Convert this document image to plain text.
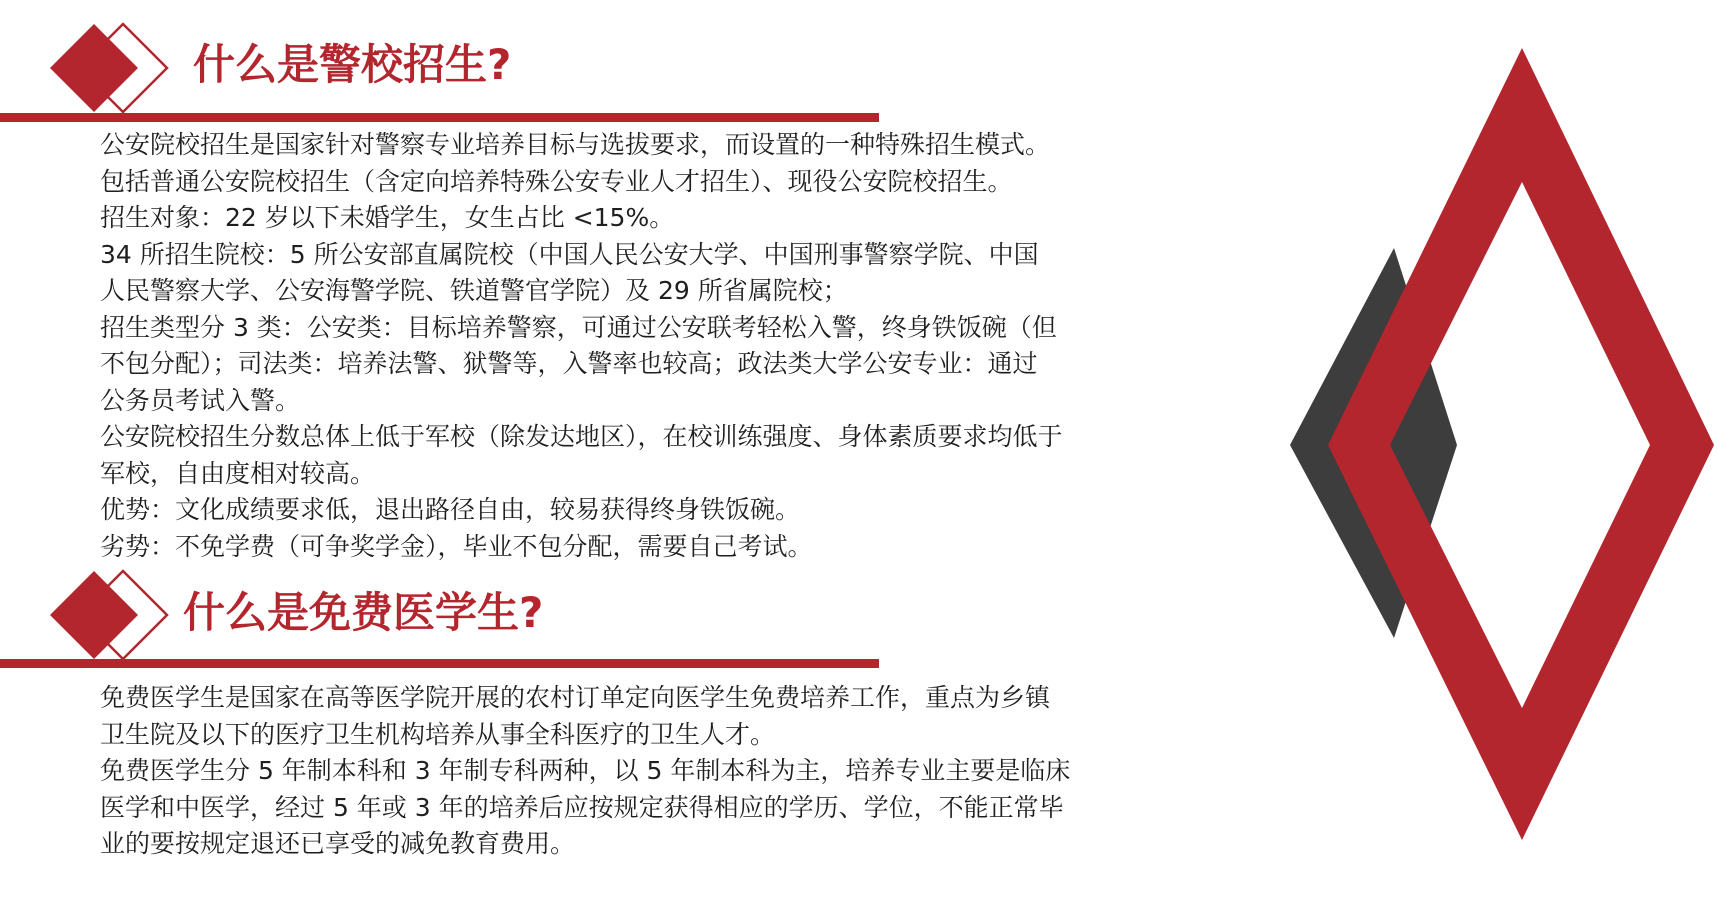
什么是警校招生?

公安院校招生是国家针对警察专业培养目标与选拔要求，而设置的一种特殊招生模式。

包括普通公安院校招生（含定向培养特殊公安专业人才招生）、现役公安院校招生。

招生对象：22 岁以下未婚学生，女生占比 <15%。

34 所招生院校：5 所公安部直属院校（中国人民公安大学、中国刑事警察学院、中国

人民警察大学、公安海警学院、铁道警官学院）及 29 所省属院校；

招生类型分 3 类：公安类：目标培养警察，可通过公安联考轻松入警，终身铁饭碗（但

不包分配）；司法类：培养法警、狱警等，入警率也较高；政法类大学公安专业：通过

公务员考试入警。

公安院校招生分数总体上低于军校（除发达地区），在校训练强度、身体素质要求均低于

军校，自由度相对较高。

优势：文化成绩要求低，退出路径自由，较易获得终身铁饭碗。

劣势：不免学费（可争奖学金），毕业不包分配，需要自己考试。

什么是免费医学生?

免费医学生是国家在高等医学院开展的农村订单定向医学生免费培养工作，重点为乡镇

卫生院及以下的医疗卫生机构培养从事全科医疗的卫生人才。

免费医学生分 5 年制本科和 3 年制专科两种，以 5 年制本科为主，培养专业主要是临床

医学和中医学，经过 5 年或 3 年的培养后应按规定获得相应的学历、学位，不能正常毕

业的要按规定退还已享受的减免教育费用。
